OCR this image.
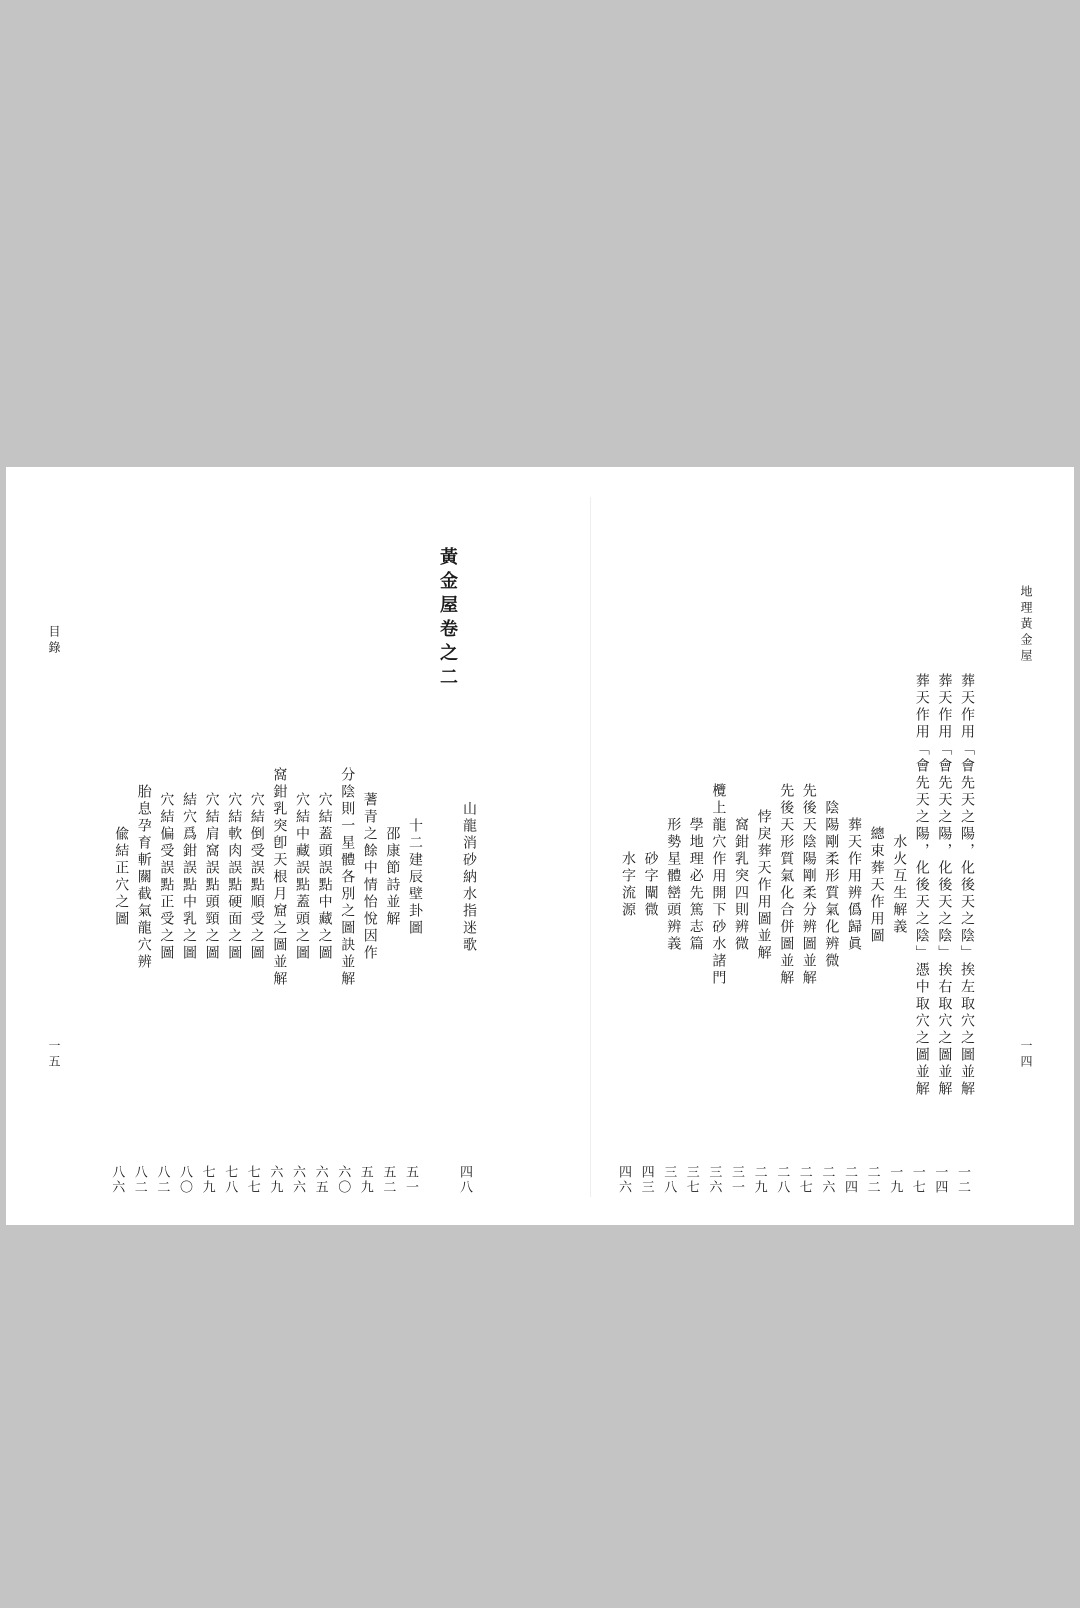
地理黃金屋
一四
葬天作用「會先天之陽，化後天之陰」挨左取穴之圖並解
一二
葬天作用「會先天之陽，化後天之陰」挨右取穴之圖並解
一四
葬天作用「會先天之陽，化後天之陰」憑中取穴之圖並解
一七
水火互生解義
一九
總束葬天作用圖
二二
葬天作用辨僞歸眞
二四
陰陽剛柔形質氣化辨微
二六
先後天陰陽剛柔分辨圖並解
二七
先後天形質氣化合併圖並解
二八
悖戾葬天作用圖並解
二九
窩鉗乳突四則辨微
三一
欖上龍穴作用開下砂水諸門
三六
學地理必先篤志篇
三七
形勢星體巒頭辨義
三八
砂字闡微
四三
水字流源
四六
黃金屋卷之二
山龍消砂納水指迷歌
四八
十二建辰壁卦圖
五一
邵康節詩並解
五二
蓍青之餘中情怡悅因作
五九
分陰則一星體各別之圖訣並解
六〇
穴結蓋頭誤點中藏之圖
六五
穴結中藏誤點蓋頭之圖
六六
窩鉗乳突卽天根月窟之圖並解
六九
穴結倒受誤點順受之圖
七七
穴結軟肉誤點硬面之圖
七八
穴結肩窩誤點頭頸之圖
七九
結穴爲鉗誤點中乳之圖
八〇
穴結偏受誤點正受之圖
八二
胎息孕育斬關截氣龍穴辨
八二
偸結正穴之圖
八六
目錄
一五
